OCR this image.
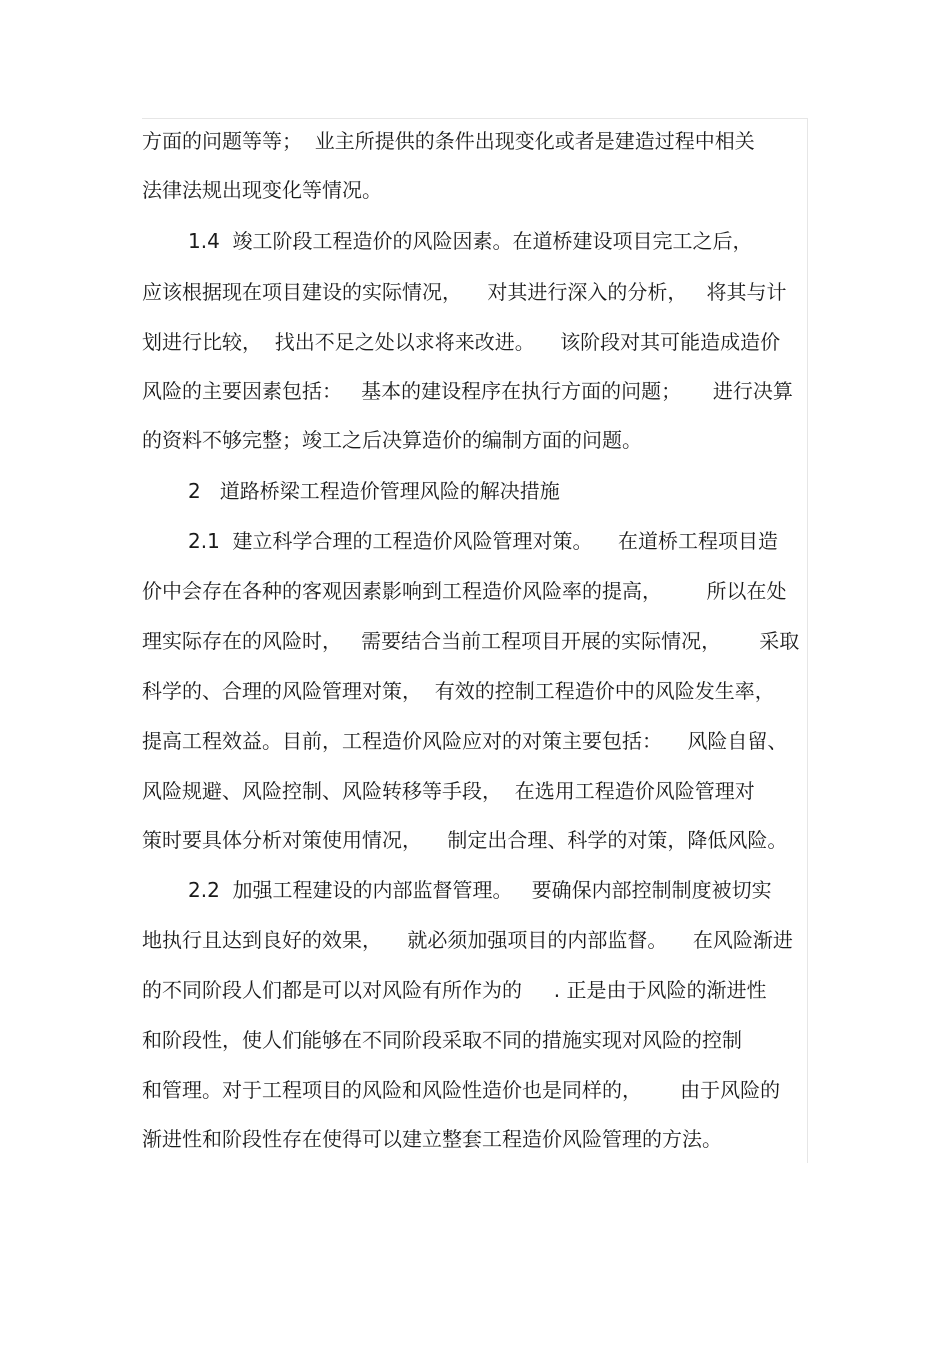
方面的问题等等；  业主所提供的条件出现变化或者是建造过程中相关
法律法规出现变化等情况。
1.4  竣工阶段工程造价的风险因素。在道桥建设项目完工之后，
应该根据现在项目建设的实际情况，    对其进行深入的分析，   将其与计
划进行比较，  找出不足之处以求将来改进。    该阶段对其可能造成造价
风险的主要因素包括：   基本的建设程序在执行方面的问题；     进行决算
的资料不够完整；竣工之后决算造价的编制方面的问题。
2   道路桥梁工程造价管理风险的解决措施
2.1  建立科学合理的工程造价风险管理对策。    在道桥工程项目造
价中会存在各种的客观因素影响到工程造价风险率的提高，       所以在处
理实际存在的风险时，   需要结合当前工程项目开展的实际情况，      采取
科学的、合理的风险管理对策，  有效的控制工程造价中的风险发生率，
提高工程效益。目前，工程造价风险应对的对策主要包括：    风险自留、
风险规避、风险控制、风险转移等手段，  在选用工程造价风险管理对
策时要具体分析对策使用情况，    制定出合理、科学的对策，降低风险。
2.2  加强工程建设的内部监督管理。   要确保内部控制制度被切实
地执行且达到良好的效果，    就必须加强项目的内部监督。    在风险渐进
的不同阶段人们都是可以对风险有所作为的     . 正是由于风险的渐进性
和阶段性，使人们能够在不同阶段采取不同的措施实现对风险的控制
和管理。对于工程项目的风险和风险性造价也是同样的，      由于风险的
渐进性和阶段性存在使得可以建立整套工程造价风险管理的方法。
